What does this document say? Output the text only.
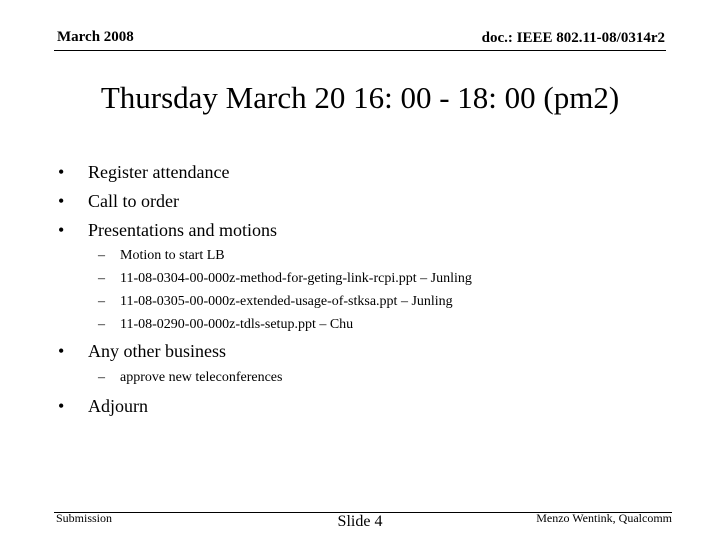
March 2008	doc.: IEEE 802.11-08/0314r2
Thursday March 20 16: 00 - 18: 00 (pm2)
• Register attendance
• Call to order
• Presentations and motions
– Motion to start LB
– 11-08-0304-00-000z-method-for-geting-link-rcpi.ppt – Junling
– 11-08-0305-00-000z-extended-usage-of-stksa.ppt – Junling
– 11-08-0290-00-000z-tdls-setup.ppt – Chu
• Any other business
– approve new teleconferences
• Adjourn
Submission	Slide 4	Menzo Wentink, Qualcomm
